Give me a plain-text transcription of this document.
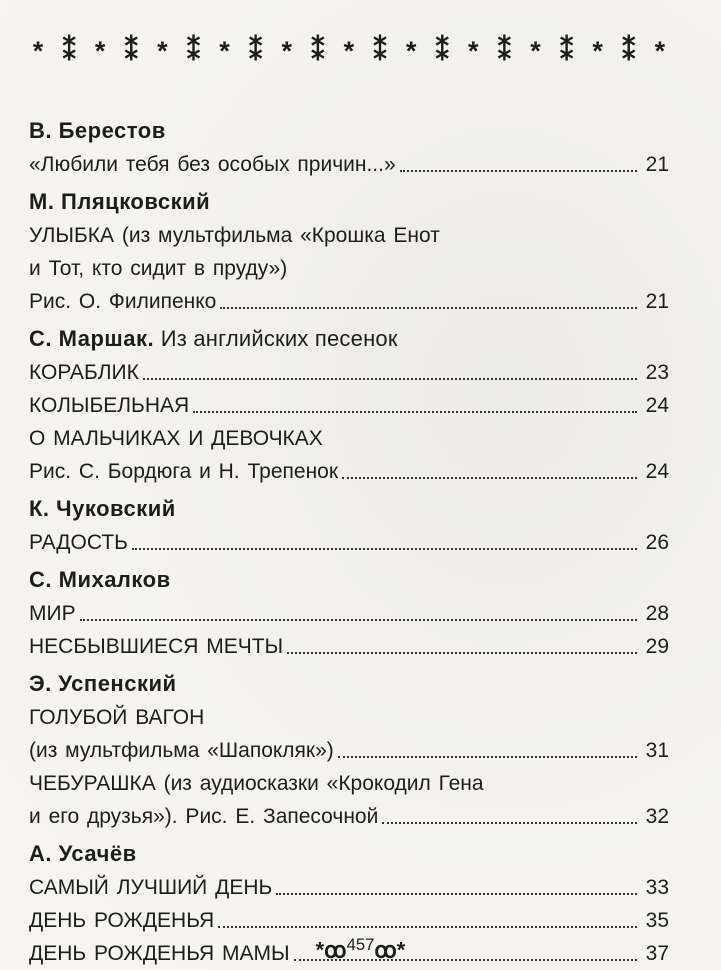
* ⁑ * ⁑ * ⁑ * ⁑ * ⁑ * ⁑ * ⁑ * ⁑ * ⁑ * ⁑ *
В. Берестов
«Любили тебя без особых причин...»	21
М. Пляцковский
УЛЫБКА (из мультфильма «Крошка Енот
и Тот, кто сидит в пруду»)
Рис. О. Филипенко	21
С. Маршак. Из английских песенок
КОРАБЛИК	23
КОЛЫБЕЛЬНАЯ	24
О МАЛЬЧИКАХ И ДЕВОЧКАХ
Рис. С. Бордюга и Н. Трепенок	24
К. Чуковский
РАДОСТЬ	26
С. Михалков
МИР	28
НЕСБЫВШИЕСЯ МЕЧТЫ	29
Э. Успенский
ГОЛУБОЙ ВАГОН
(из мультфильма «Шапокляк»)	31
ЧЕБУРАШКА (из аудиосказки «Крокодил Гена
и его друзья»). Рис. Е. Запесочной	32
А. Усачёв
САМЫЙ ЛУЧШИЙ ДЕНЬ	33
ДЕНЬ РОЖДЕНЬЯ	35
ДЕНЬ РОЖДЕНЬЯ МАМЫ	37
*ꝏ$^{457}$ꝏ*
